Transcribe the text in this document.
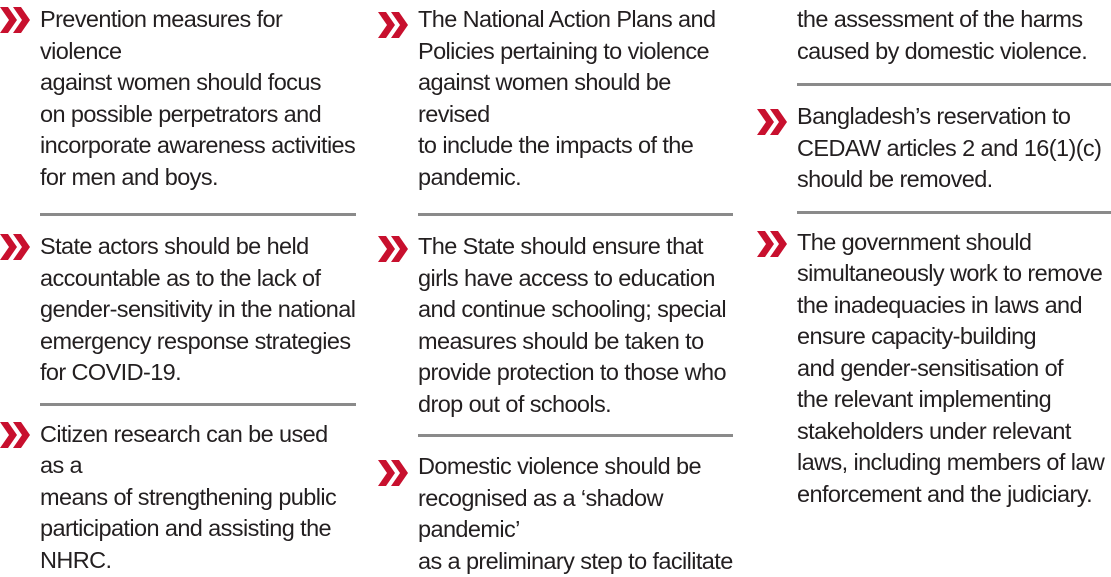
Prevention measures for violence
against women should focus
on possible perpetrators and
incorporate awareness activities
for men and boys.
State actors should be held
accountable as to the lack of
gender-sensitivity in the national
emergency response strategies
for COVID-19.
Citizen research can be used as a
means of strengthening public
participation and assisting the
NHRC.
The National Action Plans and
Policies pertaining to violence
against women should be revised
to include the impacts of the
pandemic.
The State should ensure that
girls have access to education
and continue schooling; special
measures should be taken to
provide protection to those who
drop out of schools.
Domestic violence should be
recognised as a ‘shadow pandemic’
as a preliminary step to facilitate
the assessment of the harms
caused by domestic violence.
Bangladesh’s reservation to
CEDAW articles 2 and 16(1)(c)
should be removed.
The government should
simultaneously work to remove
the inadequacies in laws and
ensure capacity-building
and gender-sensitisation of
the relevant implementing
stakeholders under relevant
laws, including members of law
enforcement and the judiciary.
